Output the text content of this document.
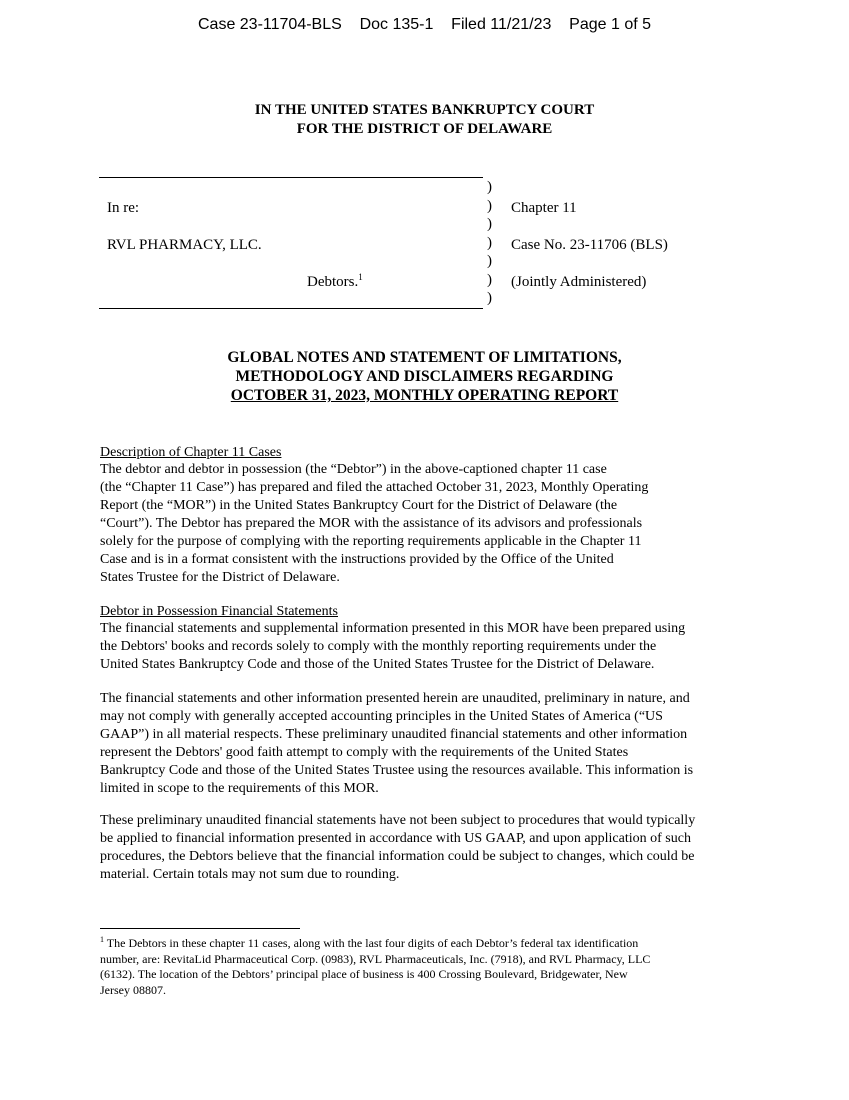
Case 23-11704-BLS    Doc 135-1    Filed 11/21/23    Page 1 of 5
IN THE UNITED STATES BANKRUPTCY COURT
FOR THE DISTRICT OF DELAWARE
)
)
)
)
)
)
)
In re:
RVL PHARMACY, LLC.
Debtors.$^1$
Chapter 11
Case No. 23-11706 (BLS)
(Jointly Administered)
GLOBAL NOTES AND STATEMENT OF LIMITATIONS,
METHODOLOGY AND DISCLAIMERS REGARDING
OCTOBER 31, 2023, MONTHLY OPERATING REPORT
Description of Chapter 11 Cases
The debtor and debtor in possession (the “Debtor”) in the above-captioned chapter 11 case
(the “Chapter 11 Case”) has prepared and filed the attached October 31, 2023, Monthly Operating
Report (the “MOR”) in the United States Bankruptcy Court for the District of Delaware (the
“Court”). The Debtor has prepared the MOR with the assistance of its advisors and professionals
solely for the purpose of complying with the reporting requirements applicable in the Chapter 11
Case and is in a format consistent with the instructions provided by the Office of the United
States Trustee for the District of Delaware.
Debtor in Possession Financial Statements
The financial statements and supplemental information presented in this MOR have been prepared using
the Debtors' books and records solely to comply with the monthly reporting requirements under the
United States Bankruptcy Code and those of the United States Trustee for the District of Delaware.
The financial statements and other information presented herein are unaudited, preliminary in nature, and
may not comply with generally accepted accounting principles in the United States of America (“US
GAAP”) in all material respects. These preliminary unaudited financial statements and other information
represent the Debtors' good faith attempt to comply with the requirements of the United States
Bankruptcy Code and those of the United States Trustee using the resources available. This information is
limited in scope to the requirements of this MOR.
These preliminary unaudited financial statements have not been subject to procedures that would typically
be applied to financial information presented in accordance with US GAAP, and upon application of such
procedures, the Debtors believe that the financial information could be subject to changes, which could be
material. Certain totals may not sum due to rounding.
$^1$ The Debtors in these chapter 11 cases, along with the last four digits of each Debtor’s federal tax identification
number, are: RevitaLid Pharmaceutical Corp. (0983), RVL Pharmaceuticals, Inc. (7918), and RVL Pharmacy, LLC
(6132). The location of the Debtors’ principal place of business is 400 Crossing Boulevard, Bridgewater, New
Jersey 08807.
